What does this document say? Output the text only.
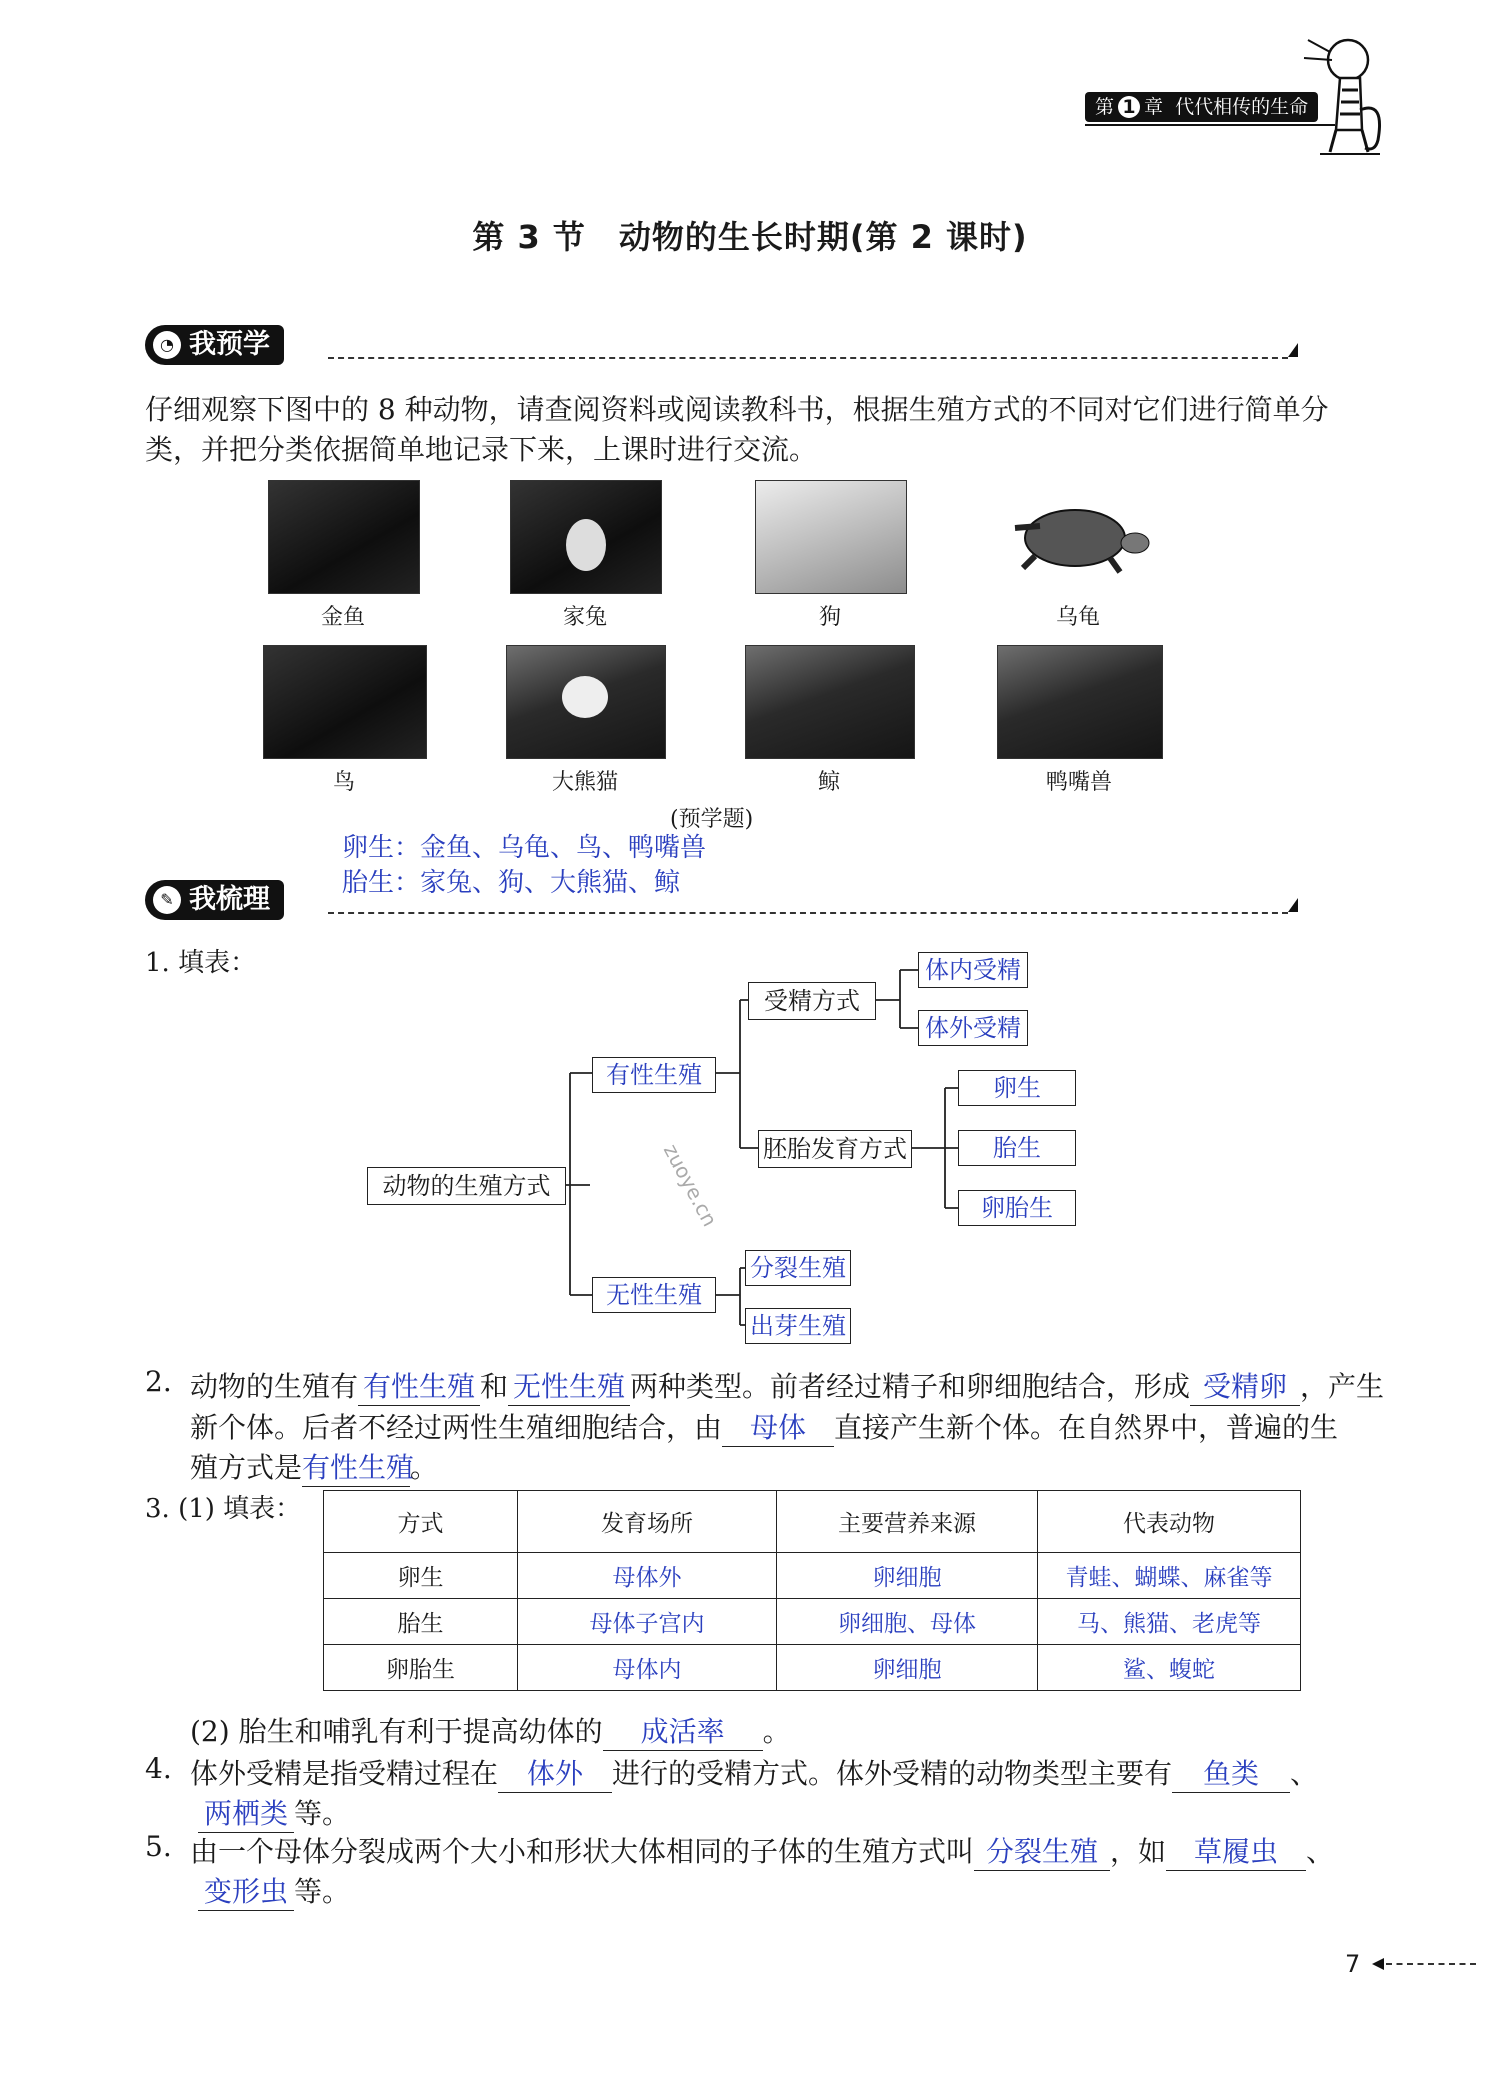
第 1 章 代代相传的生命
第 3 节　动物的生长时期(第 2 课时)
◔ 我预学
仔细观察下图中的 8 种动物，请查阅资料或阅读教科书，根据生殖方式的不同对它们进行简单分
类，并把分类依据简单地记录下来，上课时进行交流。
金鱼	家兔	狗	乌龟
鸟	大熊猫	鲸	鸭嘴兽
(预学题)
卵生：金鱼、乌龟、鸟、鸭嘴兽
胎生：家兔、狗、大熊猫、鲸
✎ 我梳理
1. 填表：
动物的生殖方式
有性生殖
无性生殖
受精方式
体内受精
体外受精
胚胎发育方式
卵生
胎生
卵胎生
分裂生殖
出芽生殖
zuoye.cn
2. 动物的生殖有 有性生殖 和 无性生殖 两种类型。前者经过精子和卵细胞结合，形成 受精卵 ，产生
新个体。后者不经过两性生殖细胞结合，由 母体 直接产生新个体。在自然界中，普遍的生
殖方式是有性生殖。
3. (1) 填表：	方式	发育场所	主要营养来源	代表动物
卵生	母体外	卵细胞	青蛙、蝴蝶、麻雀等
胎生	母体子宫内	卵细胞、母体	马、熊猫、老虎等
卵胎生	母体内	卵细胞	鲨、蝮蛇
(2) 胎生和哺乳有利于提高幼体的 成活率 。
4. 体外受精是指受精过程在 体外 进行的受精方式。体外受精的动物类型主要有 鱼类 、
两栖类 等。
5. 由一个母体分裂成两个大小和形状大体相同的子体的生殖方式叫 分裂生殖 ，如 草履虫 、
变形虫 等。
7
